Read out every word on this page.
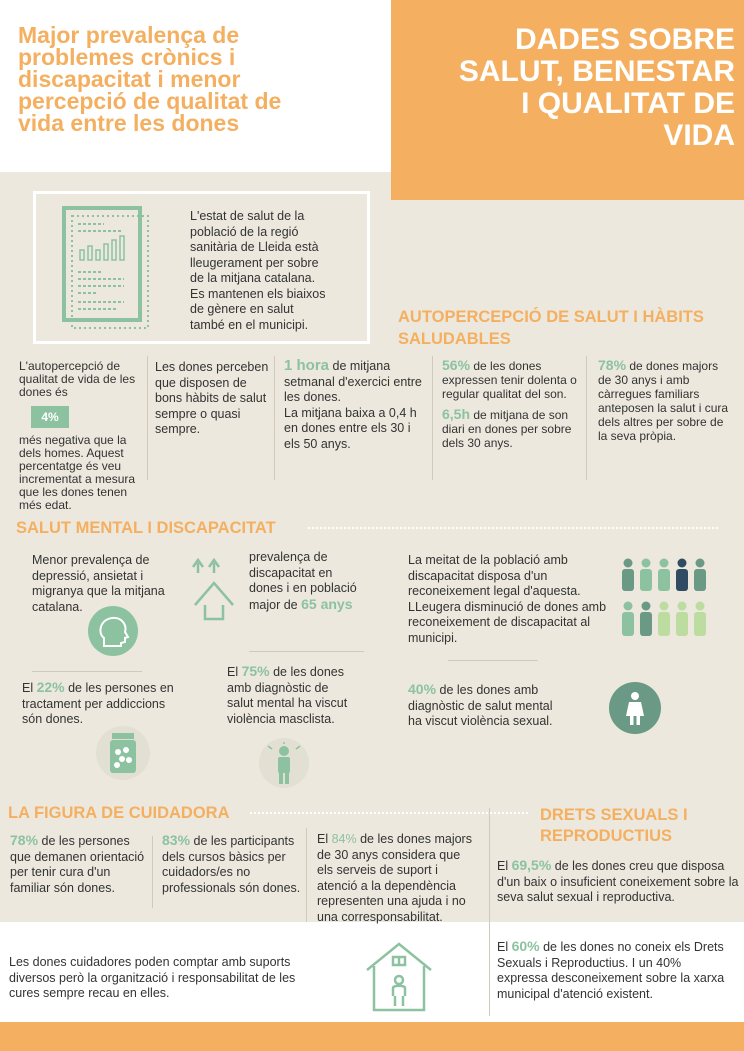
Major prevalença de
problemes crònics i
discapacitat i menor
percepció de qualitat de
vida entre les dones
DADES SOBRE
SALUT, BENESTAR
I QUALITAT DE
VIDA
L'estat de salut de la
població de la regió
sanitària de Lleida està
lleugerament per sobre
de la mitjana catalana.
Es mantenen els biaixos
de gènere en salut
també en el municipi.	AUTOPERCEPCIÓ DE SALUT I HÀBITS
SALUDABLES
L'autopercepció de
qualitat de vida de les
dones és
4%
més negativa que la
dels homes. Aquest
percentatge és veu
incrementat a mesura
que les dones tenen
més edat.
Les dones perceben
que disposen de
bons hàbits de salut
sempre o quasi
sempre.
1 hora de mitjana
setmanal d'exercici entre
les dones.
La mitjana baixa a 0,4 h
en dones entre els 30 i
els 50 anys.
56% de les dones
expressen tenir dolenta o
regular qualitat del son.
6,5h de mitjana de son
diari en dones per sobre
dels 30 anys.
78% de dones majors
de 30 anys i amb
càrregues familiars
anteposen la salut i cura
dels altres per sobre de
la seva pròpia.
SALUT MENTAL I DISCAPACITAT
Menor prevalença de
depressió, ansietat i
migranya que la mitjana
catalana.
prevalença de
discapacitat en
dones i en població
major de 65 anys
La meitat de la població amb
discapacitat disposa d'un
reconeixement legal d'aquesta.
LLeugera disminució de dones amb
reconeixement de discapacitat al
municipi.
El 22% de les persones en
tractament per addiccions
són dones.
El 75% de les dones
amb diagnòstic de
salut mental ha viscut
violència masclista.
40% de les dones amb
diagnòstic de salut mental
ha viscut violència sexual.
LA FIGURA DE CUIDADORA
78% de les persones
que demanen orientació
per tenir cura d'un
familiar són dones.
83% de les participants
dels cursos bàsics per
cuidadors/es no
professionals són dones.
El 84% de les dones majors
de 30 anys considera que
els serveis de suport i
atenció a la dependència
representen una ajuda i no
una corresponsabilitat.
DRETS SEXUALS I
REPRODUCTIUS
El 69,5% de les dones creu que disposa
d'un baix o insuficient coneixement sobre la
seva salut sexual i reproductiva.
Les dones cuidadores poden comptar amb suports
diversos però la organització i responsabilitat de les
cures sempre recau en elles.
El 60% de les dones no coneix els Drets
Sexuals i Reproductius. I un 40%
expressa desconeixement sobre la xarxa
municipal d'atenció existent.
